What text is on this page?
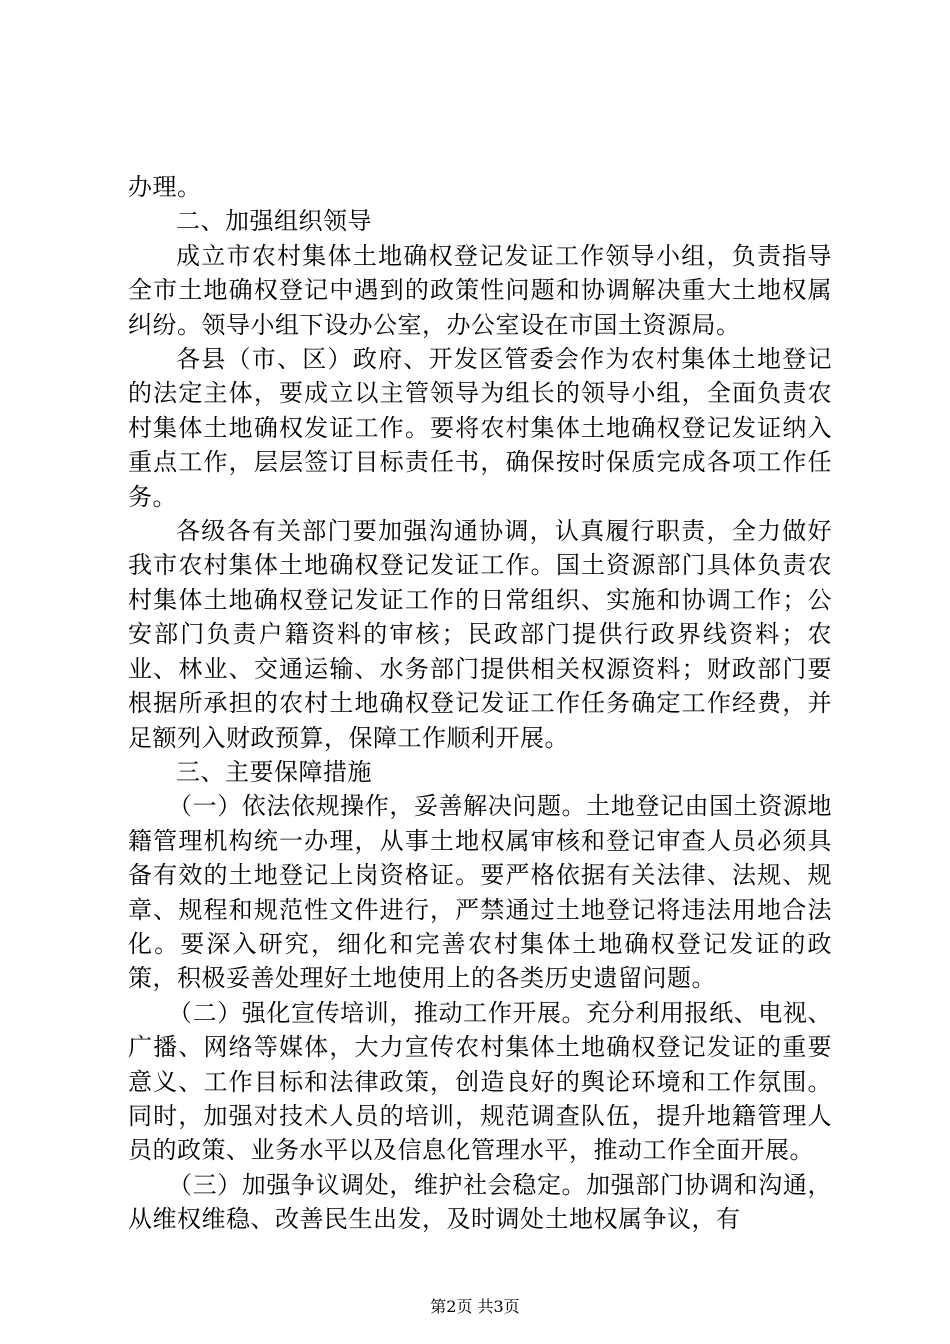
办理。

二、加强组织领导

成立市农村集体土地确权登记发证工作领导小组，负责指导全市土地确权登记中遇到的政策性问题和协调解决重大土地权属纠纷。领导小组下设办公室，办公室设在市国土资源局。

各县（市、区）政府、开发区管委会作为农村集体土地登记的法定主体，要成立以主管领导为组长的领导小组，全面负责农村集体土地确权发证工作。要将农村集体土地确权登记发证纳入重点工作，层层签订目标责任书，确保按时保质完成各项工作任务。

各级各有关部门要加强沟通协调，认真履行职责，全力做好我市农村集体土地确权登记发证工作。国土资源部门具体负责农村集体土地确权登记发证工作的日常组织、实施和协调工作；公安部门负责户籍资料的审核；民政部门提供行政界线资料；农业、林业、交通运输、水务部门提供相关权源资料；财政部门要根据所承担的农村土地确权登记发证工作任务确定工作经费，并足额列入财政预算，保障工作顺利开展。

三、主要保障措施

（一）依法依规操作，妥善解决问题。土地登记由国土资源地籍管理机构统一办理，从事土地权属审核和登记审查人员必须具备有效的土地登记上岗资格证。要严格依据有关法律、法规、规章、规程和规范性文件进行，严禁通过土地登记将违法用地合法化。要深入研究，细化和完善农村集体土地确权登记发证的政策，积极妥善处理好土地使用上的各类历史遗留问题。

（二）强化宣传培训，推动工作开展。充分利用报纸、电视、广播、网络等媒体，大力宣传农村集体土地确权登记发证的重要意义、工作目标和法律政策，创造良好的舆论环境和工作氛围。同时，加强对技术人员的培训，规范调查队伍，提升地籍管理人员的政策、业务水平以及信息化管理水平，推动工作全面开展。

（三）加强争议调处，维护社会稳定。加强部门协调和沟通，从维权维稳、改善民生出发，及时调处土地权属争议，有

第2页 共3页
